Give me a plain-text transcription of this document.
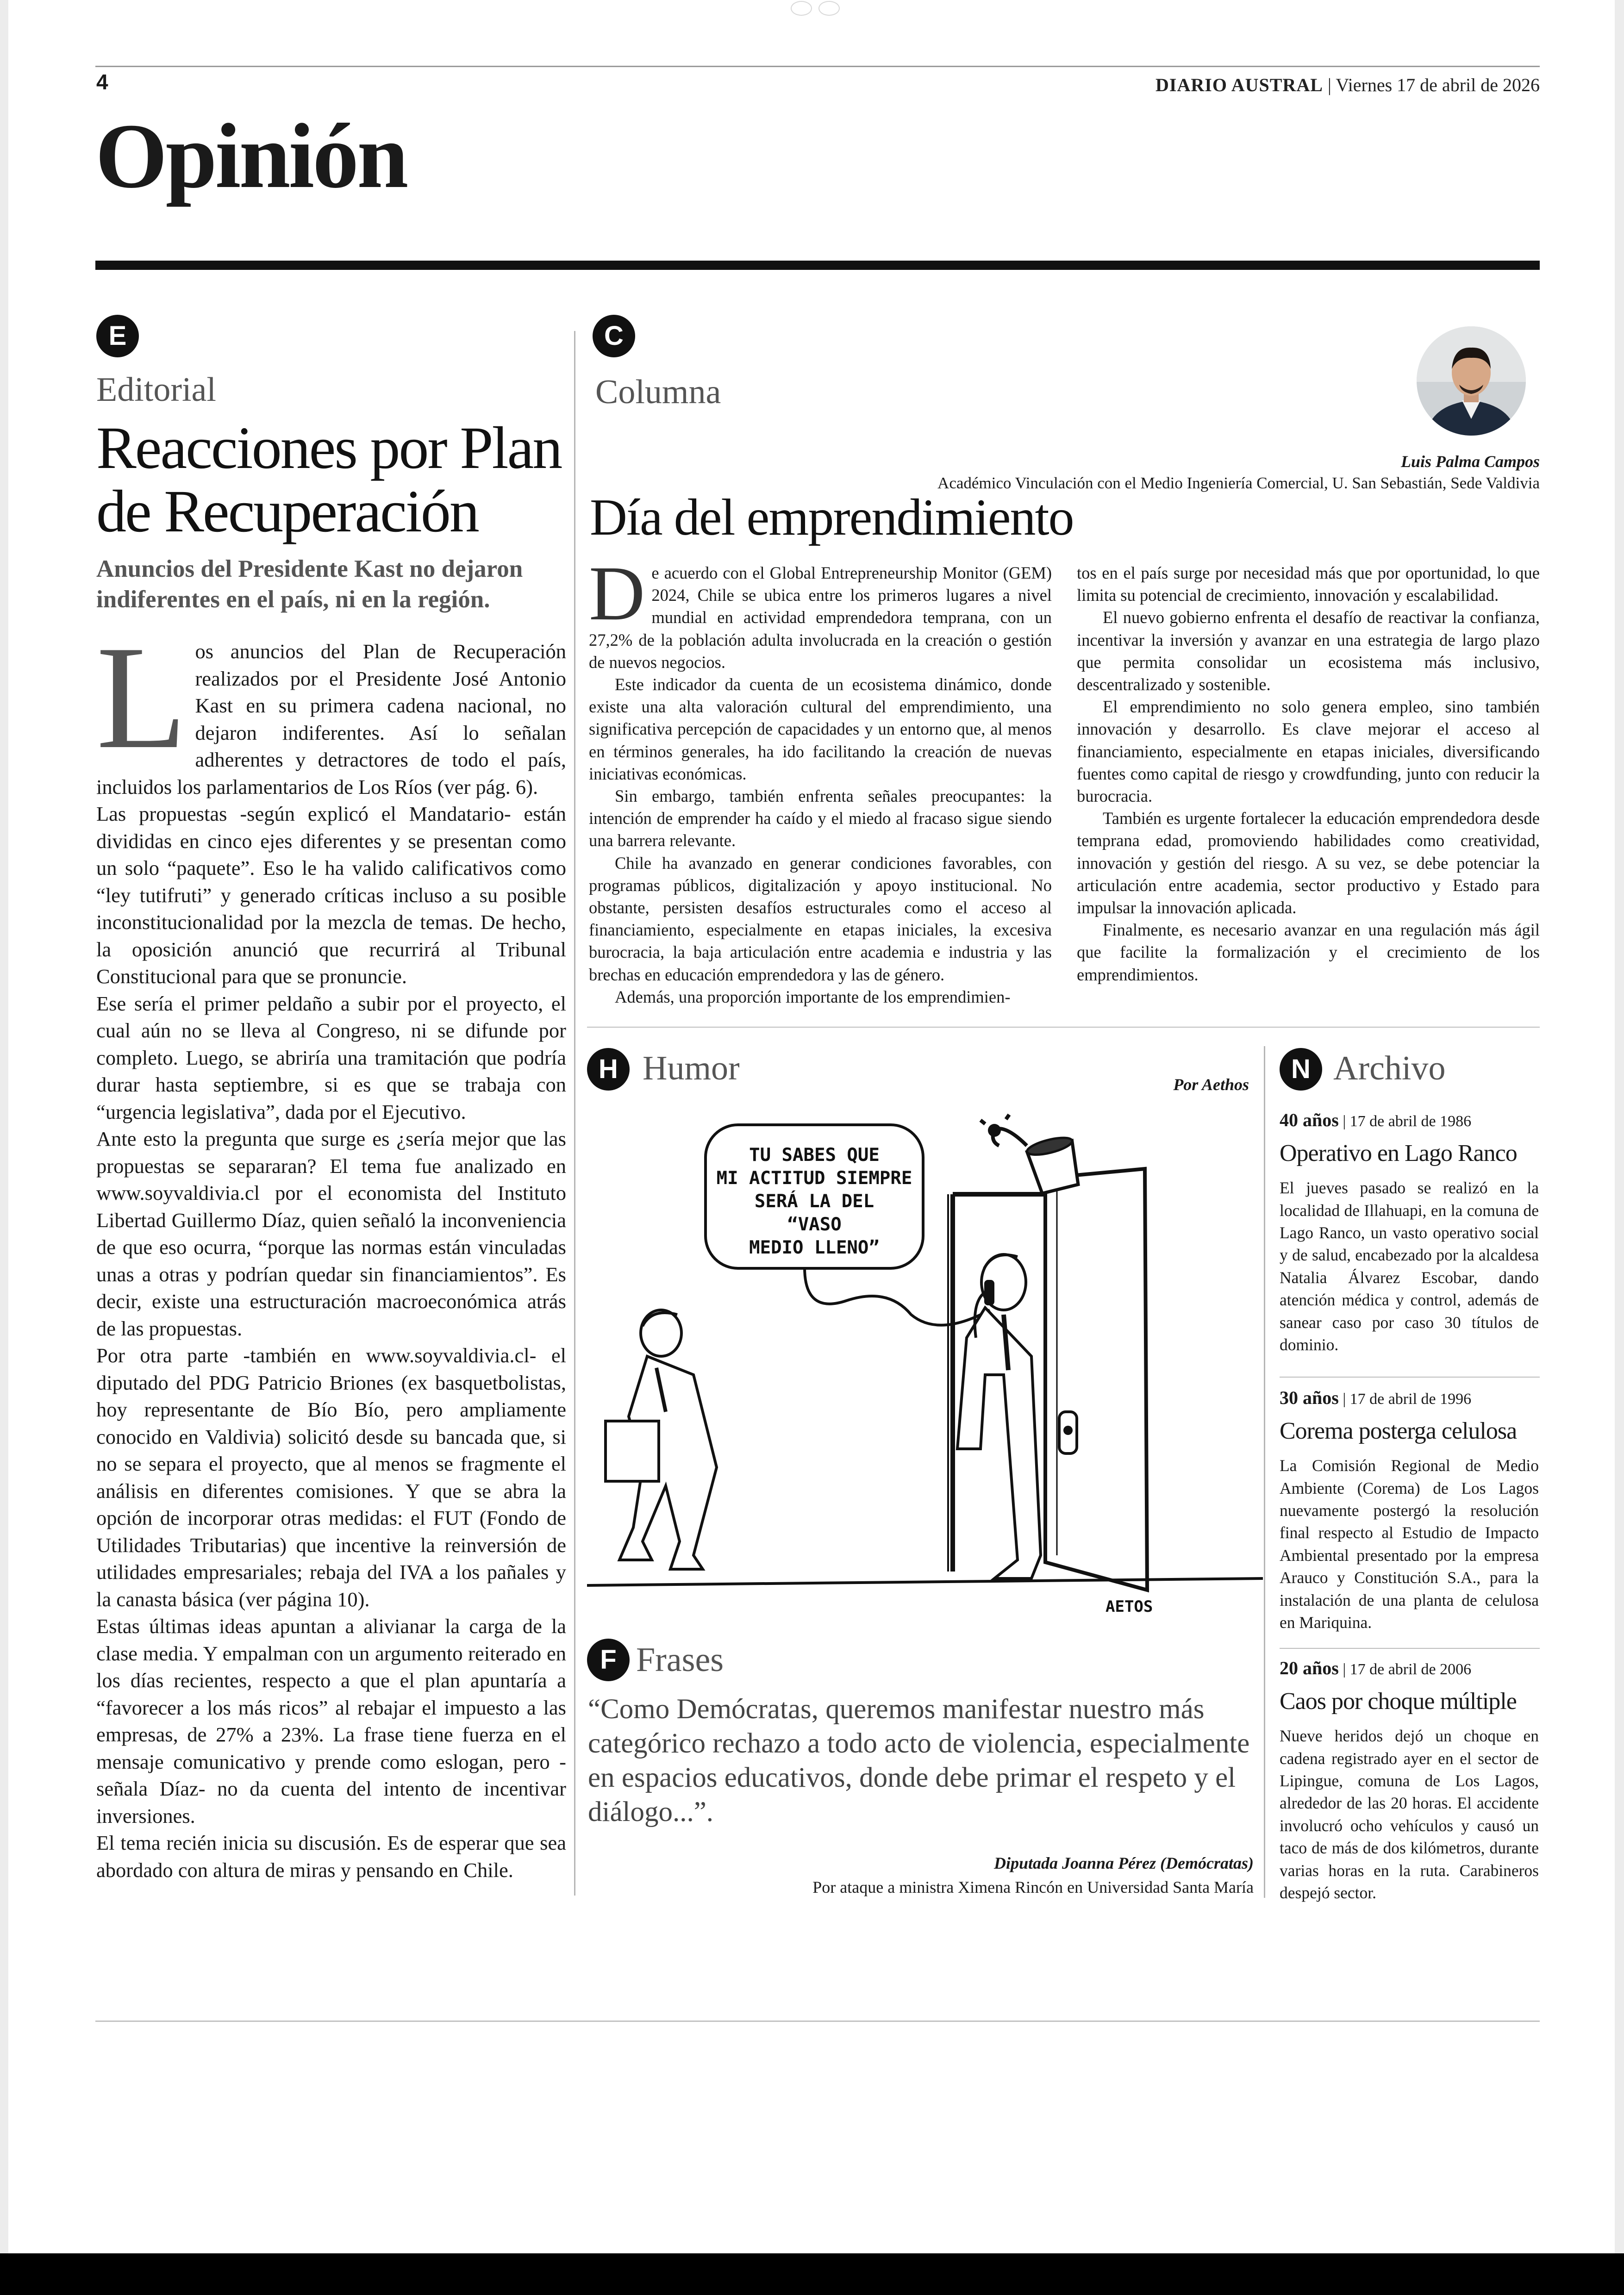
4	DIARIO AUSTRAL | Viernes 17 de abril de 2026
Opinión
E
Editorial
Reacciones por Plan de Recuperación
Anuncios del Presidente Kast no dejaron indiferentes en el país, ni en la región.

L os anuncios del Plan de Recuperación realizados por el Presidente José Antonio Kast en su primera cadena nacional, no dejaron indiferentes. Así lo señalan adherentes y detractores de todo el país, incluidos los parlamentarios de Los Ríos (ver pág. 6).

Las propuestas -según explicó el Mandatario- están divididas en cinco ejes diferentes y se presentan como un solo “paquete”. Eso le ha valido calificativos como “ley tutifruti” y generado críticas incluso a su posible inconstitucionalidad por la mezcla de temas. De hecho, la oposición anunció que recurrirá al Tribunal Constitucional para que se pronuncie.

Ese sería el primer peldaño a subir por el proyecto, el cual aún no se lleva al Congreso, ni se difunde por completo. Luego, se abriría una tramitación que podría durar hasta septiembre, si es que se trabaja con “urgencia legislativa”, dada por el Ejecutivo.

Ante esto la pregunta que surge es ¿sería mejor que las propuestas se separaran? El tema fue analizado en www.soyvaldivia.cl por el economista del Instituto Libertad Guillermo Díaz, quien señaló la inconveniencia de que eso ocurra, “porque las normas están vinculadas unas a otras y podrían quedar sin financiamientos”. Es decir, existe una estructuración macroeconómica atrás de las propuestas.

Por otra parte -también en www.soyvaldivia.cl- el diputado del PDG Patricio Briones (ex basquetbolistas, hoy representante de Bío Bío, pero ampliamente conocido en Valdivia) solicitó desde su bancada que, si no se separa el proyecto, que al menos se fragmente el análisis en diferentes comisiones. Y que se abra la opción de incorporar otras medidas: el FUT (Fondo de Utilidades Tributarias) que incentive la reinversión de utilidades empresariales; rebaja del IVA a los pañales y la canasta básica (ver página 10).

Estas últimas ideas apuntan a alivianar la carga de la clase media. Y empalman con un argumento reiterado en los días recientes, respecto a que el plan apuntaría a “favorecer a los más ricos” al rebajar el impuesto a las empresas, de 27% a 23%. La frase tiene fuerza en el mensaje comunicativo y prende como eslogan, pero -señala Díaz- no da cuenta del intento de incentivar inversiones.

El tema recién inicia su discusión. Es de esperar que sea abordado con altura de miras y pensando en Chile.

C
Columna
Luis Palma Campos
Académico Vinculación con el Medio Ingeniería Comercial, U. San Sebastián, Sede Valdivia
Día del emprendimiento

D e acuerdo con el Global Entrepreneurship Monitor (GEM) 2024, Chile se ubica entre los primeros lugares a nivel mundial en actividad emprendedora temprana, con un 27,2% de la población adulta involucrada en la creación o gestión de nuevos negocios.

Este indicador da cuenta de un ecosistema dinámico, donde existe una alta valoración cultural del emprendimiento, una significativa percepción de capacidades y un entorno que, al menos en términos generales, ha ido facilitando la creación de nuevas iniciativas económicas.

Sin embargo, también enfrenta señales preocupantes: la intención de emprender ha caído y el miedo al fracaso sigue siendo una barrera relevante.

Chile ha avanzado en generar condiciones favorables, con programas públicos, digitalización y apoyo institucional. No obstante, persisten desafíos estructurales como el acceso al financiamiento, especialmente en etapas iniciales, la excesiva burocracia, la baja articulación entre academia e industria y las brechas en educación emprendedora y las de género.

Además, una proporción importante de los emprendimien-

tos en el país surge por necesidad más que por oportunidad, lo que limita su potencial de crecimiento, innovación y escalabilidad.

El nuevo gobierno enfrenta el desafío de reactivar la confianza, incentivar la inversión y avanzar en una estrategia de largo plazo que permita consolidar un ecosistema más inclusivo, descentralizado y sostenible.

El emprendimiento no solo genera empleo, sino también innovación y desarrollo. Es clave mejorar el acceso al financiamiento, especialmente en etapas iniciales, diversificando fuentes como capital de riesgo y crowdfunding, junto con reducir la burocracia.

También es urgente fortalecer la educación emprendedora desde temprana edad, promoviendo habilidades como creatividad, innovación y gestión del riesgo. A su vez, se debe potenciar la articulación entre academia, sector productivo y Estado para impulsar la innovación aplicada.

Finalmente, es necesario avanzar en una regulación más ágil que facilite la formalización y el crecimiento de los emprendimientos.

H Humor	Por Aethos
TU SABES QUE
MI ACTITUD SIEMPRE
SERÁ LA DEL
“VASO
MEDIO LLENO”
AETOS
F Frases
“Como Demócratas, queremos manifestar nuestro más categórico rechazo a todo acto de violencia, especialmente en espacios educativos, donde debe primar el respeto y el diálogo...”.
Diputada Joanna Pérez (Demócratas)
Por ataque a ministra Ximena Rincón en Universidad Santa María
N Archivo
40 años | 17 de abril de 1986
Operativo en Lago Ranco
El jueves pasado se realizó en la localidad de Illahuapi, en la comuna de Lago Ranco, un vasto operativo social y de salud, encabezado por la alcaldesa Natalia Álvarez Escobar, dando atención médica y control, además de sanear caso por caso 30 títulos de dominio.
30 años | 17 de abril de 1996
Corema posterga celulosa
La Comisión Regional de Medio Ambiente (Corema) de Los Lagos nuevamente postergó la resolución final respecto al Estudio de Impacto Ambiental presentado por la empresa Arauco y Constitución S.A., para la instalación de una planta de celulosa en Mariquina.
20 años | 17 de abril de 2006
Caos por choque múltiple
Nueve heridos dejó un choque en cadena registrado ayer en el sector de Lipingue, comuna de Los Lagos, alrededor de las 20 horas. El accidente involucró ocho vehículos y causó un taco de más de dos kilómetros, durante varias horas en la ruta. Carabineros despejó sector.
